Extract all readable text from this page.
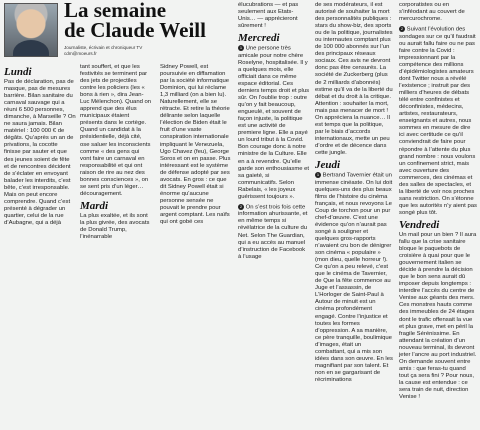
La semaine
de Claude Weill
Journaliste, écrivain et chroniqueur TV
cdm@moeurs.fr
Lundi

Pas de déclaration, pas de masque, pas de mesures barrière. Bilan sanitaire du carnaval sauvage qui a réuni 6 500 personnes, dimanche, à Marseille ? On ne saura jamais. Bilan matériel : 100 000 € de dégâts. Qu’après un an de privations, la cocotte finisse par sauter et que des jeunes soient de fête et de rencontres décident de s’éclater en envoyant balader les interdits, c’est bête, c’est irresponsable. Mais on peut encore comprendre. Quand c’est présenté à dégrader un quartier, celui de la rue d’Aubagne, qui a déjà

tant souffert, et que les festivités se terminent par des jets de projectiles contre les policiers (les « bons à rien », dira Jean-Luc Mélenchon). Quand on apprend que des élus municipaux étaient présents dans le cortège. Quand un candidat à la présidentielle, déjà cité, ose saluer les inconscients comme « des gens qui vont faire un carnaval en responsabilité et qui ont raison de rire au nez des bonnes consciences », on se sent pris d’un léger… découragement.

Mardi

La plus exaltée, et ils sont la plus givrée, des avocats de Donald Trump, l’inénarrable

Sidney Powell, est poursuivie en diffamation par la société informatique Dominion, qui lui réclame 1,3 milliard (on a bien lu). Naturellement, elle se rétracte. Et retire la théorie délirante selon laquelle l’élection de Biden était le fruit d’une vaste conspiration internationale impliquant le Venezuela, Ugo Chavez (feu), George Soros et on en passe. Plus intéressant est le système de défense adopté par ses avocats. En gros : ce que dit Sidney Powell était si énorme qu’aucune personne sensée ne pouvait le prendre pour argent comptant. Les naïfs qui ont gobé ces

élucubrations — et pas seulement aux Etats-Unis… — apprécieront sûrement !

Mercredi

1 Une persone très amicale pour notre chère Roselyne, hospitalisée. Il y a quelques mois, elle officiait dans ce même espace éditorial. Ces derniers temps droit et plus sûr. On l’oublie trop : outre qu’on y fait beaucoup, engueulé, et souvent de façon injuste, la politique est une activité de premiere ligne. Elle a payé un lourd tribut à la Covid. Bon courage donc à notre ministre de la Culture. Elle en a à revendre. Qu’elle garde son enthousiasme et sa gaieté, si communicatifs. Selon Rabelais, « les joyeux guérissent toujours ».

2 On s’est trois fois cette information ahurissante, et en même temps si révélatrice de la culture du Net. Selon The Guardian, qui a eu accès au manuel d’instruction de Facebook à l’usage

de ses modérateurs, il est autorisé de souhaiter la mort des personnalités publiques : stars du show-biz, des sports ou de la politique, journalistes ou internautes comptant plus de 100 000 abonnés sur l’un des principaux réseaux sociaux. Ces avis ne devront donc pas être censurés. La société de Zuckerberg (plus de 2 milliards d’abonnés) estime qu’il va de la liberté du débat et du droit à la critique. Attention : souhaiter la mort, mais pas menacer de mort ! On appréciera la nuance… Il est temps que la politique, par le biais d’accords internationaux, mette un peu d’ordre et de décence dans cette jungle.

Jeudi

1 Bertrand Tavernier était un immense cinéaste. On lui doit quelques-uns des plus beaux films de l’histoire du cinéma français, et nous revoyons Le Coup de torchon pour un pur chef-d’œuvre. C’est une évidence qu’on n’aurait pas songé à souligner et quelques gros-rapports n’avaient cru bon de dénigrer son cinéma « populaire » (mon dieu, quelle horreur !). Ce qu’on a peu relevé, c’est que le cinéma de Tavernier, de Que la fête commence au Juge et l’assassin, de L’Horloger de Saint-Paul à Autour de minuit est un cinéma profondément engagé. Contre l’injustice et toutes les formes d’oppression. A sa manière, ce père tranquille, boulimique d’images, était un combattant, qui a mis son idées dans son œuvre. En les magnifiant par son talent. Et non en se gargarisant de récriminations

corporatistes ou en s’inféodant au couvert de mercurochrome.

2 Suivant l’évolution des sondages sur ce qu’il faudrait ou aurait fallu faire ou ne pas faire contre la Covid : impressionnant par la compétence des millions d’épidémiologistes amateurs dont Twitter nous a révélé l’existence ; instruit par des milliers d’heures de débats télé entre confinistes et déconfinistes, médecins, artistes, restaurateurs, enseignants et autres, nous sommes en mesure de dire ici avec certitude ce qu’il conviendrait de faire pour répondre à l’attente du plus grand nombre : nous voulons un confinement strict, mais avec ouverture des commerces, des cinémas et des salles de spectacles, et la liberté de voir nos proches sans restriction. On s’étonne que les autorités n’y aient pas songé plus tôt.

Vendredi

Un mail pour un bien ? Il aura fallu que la crise sanitaire bloque le paquebots de croisière à quai pour que le gouvernement italien se décide à prendre la décision que le bon sens aurait dû imposer depuis longtemps : interdire l’accès du centre de Venise aux géants des mers. Ces monstres hauts comme des immeubles de 24 étages dont le trafic offensait la vue et plus grave, met en péril la fragile Sérénissime. En attendant la création d’un nouveau terminal, ils devront jeter l’ancre au port industriel. On demande souvent entre amis : que feras-tu quand tout ça sera fini ? Pour nous, la cause est entendue : ce sera train de nuit, direction Venise !
